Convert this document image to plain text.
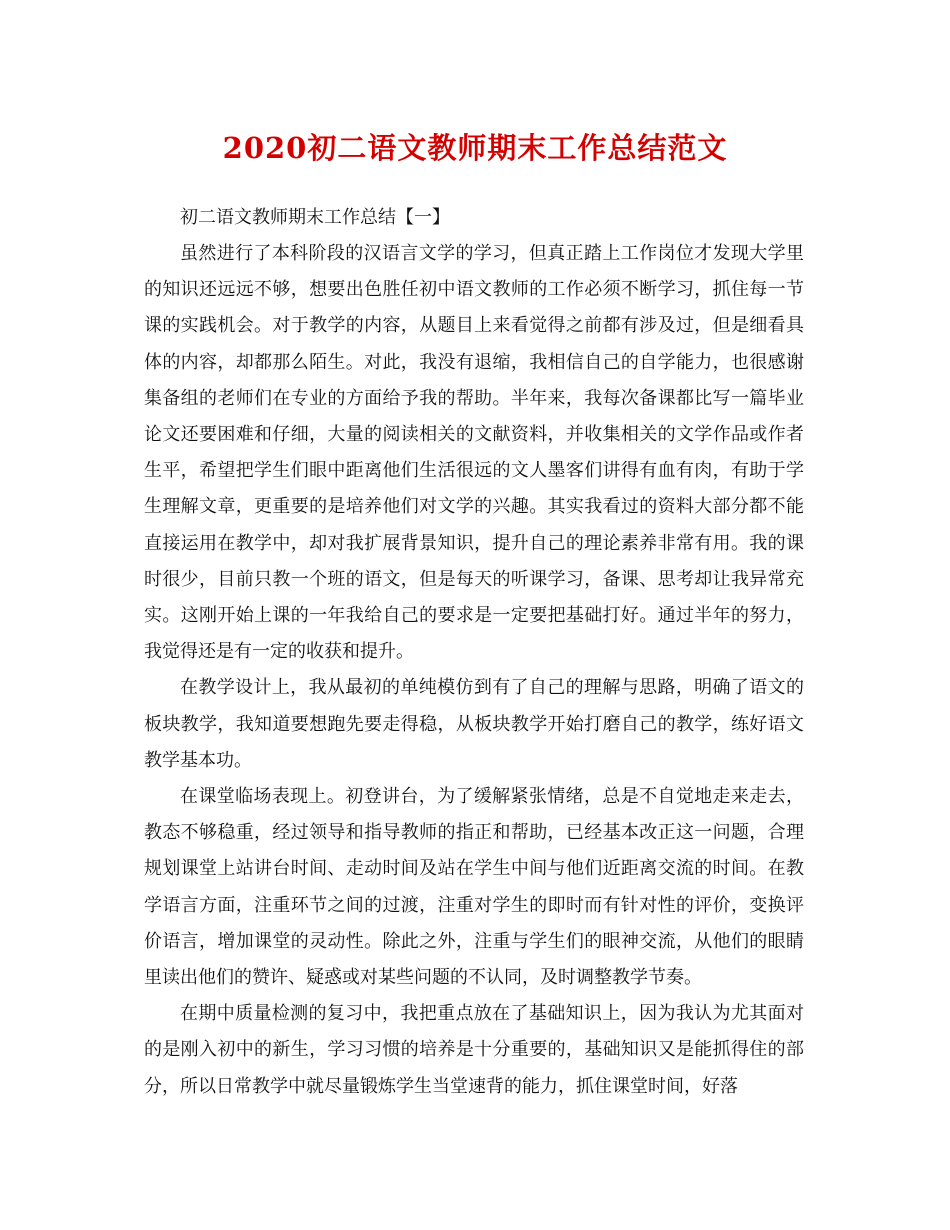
2020初二语文教师期末工作总结范文

初二语文教师期末工作总结【一】

虽然进行了本科阶段的汉语言文学的学习，但真正踏上工作岗位才发现大学里的知识还远远不够，想要出色胜任初中语文教师的工作必须不断学习，抓住每一节课的实践机会。对于教学的内容，从题目上来看觉得之前都有涉及过，但是细看具体的内容，却都那么陌生。对此，我没有退缩，我相信自己的自学能力，也很感谢集备组的老师们在专业的方面给予我的帮助。半年来，我每次备课都比写一篇毕业论文还要困难和仔细，大量的阅读相关的文献资料，并收集相关的文学作品或作者生平，希望把学生们眼中距离他们生活很远的文人墨客们讲得有血有肉，有助于学生理解文章，更重要的是培养他们对文学的兴趣。其实我看过的资料大部分都不能直接运用在教学中，却对我扩展背景知识，提升自己的理论素养非常有用。我的课时很少，目前只教一个班的语文，但是每天的听课学习，备课、思考却让我异常充实。这刚开始上课的一年我给自己的要求是一定要把基础打好。通过半年的努力，我觉得还是有一定的收获和提升。

在教学设计上，我从最初的单纯模仿到有了自己的理解与思路，明确了语文的板块教学，我知道要想跑先要走得稳，从板块教学开始打磨自己的教学，练好语文教学基本功。

在课堂临场表现上。初登讲台，为了缓解紧张情绪，总是不自觉地走来走去，教态不够稳重，经过领导和指导教师的指正和帮助，已经基本改正这一问题，合理规划课堂上站讲台时间、走动时间及站在学生中间与他们近距离交流的时间。在教学语言方面，注重环节之间的过渡，注重对学生的即时而有针对性的评价，变换评价语言，增加课堂的灵动性。除此之外，注重与学生们的眼神交流，从他们的眼睛里读出他们的赞许、疑惑或对某些问题的不认同，及时调整教学节奏。

在期中质量检测的复习中，我把重点放在了基础知识上，因为我认为尤其面对的是刚入初中的新生，学习习惯的培养是十分重要的，基础知识又是能抓得住的部分，所以日常教学中就尽量锻炼学生当堂速背的能力，抓住课堂时间，好落
